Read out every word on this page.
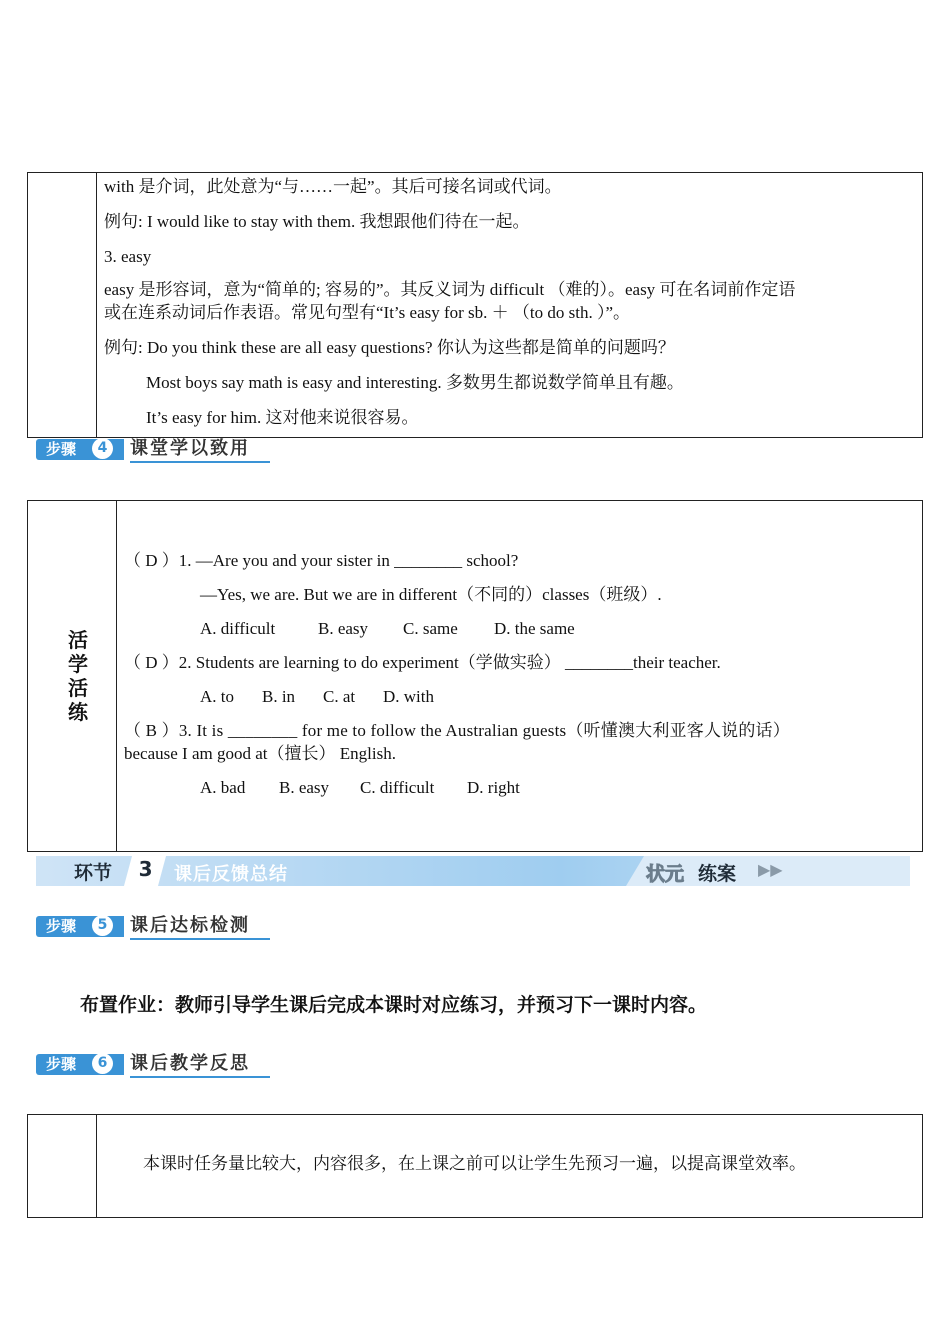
with 是介词，此处意为“与……一起”。其后可接名词或代词。
例句: I would like to stay with them. 我想跟他们待在一起。
3. easy
easy 是形容词，意为“简单的; 容易的”。其反义词为 difficult （难的）。easy 可在名词前作定语
或在连系动词后作表语。常见句型有“It’s easy for sb. ＋ （to do sth. ）”。
例句: Do you think these are all easy questions? 你认为这些都是简单的问题吗？
Most boys say math is easy and interesting. 多数男生都说数学简单且有趣。
It’s easy for him. 这对他来说很容易。
步骤	4	课堂学以致用
活
学
活
练
（ D ）1. —Are you and your sister in ________ school?
—Yes, we are. But we are in different（不同的）classes（班级）.
A. difficult	B. easy C. same D. the same
（ D ）2. Students are learning to do experiment（学做实验） ________their teacher.
A. to B. in C. at D. with
（ B ）3. It is ________ for me to follow the Australian guests（听懂澳大利亚客人说的话）
because I am good at（擅长） English.
A. bad B. easy C. difficult D. right
环节	3	课后反馈总结	状元 练案 ▶▶
步骤	5	课后达标检测
布置作业：教师引导学生课后完成本课时对应练习，并预习下一课时内容。
步骤	6	课后教学反思
本课时任务量比较大，内容很多，在上课之前可以让学生先预习一遍，以提高课堂效率。
